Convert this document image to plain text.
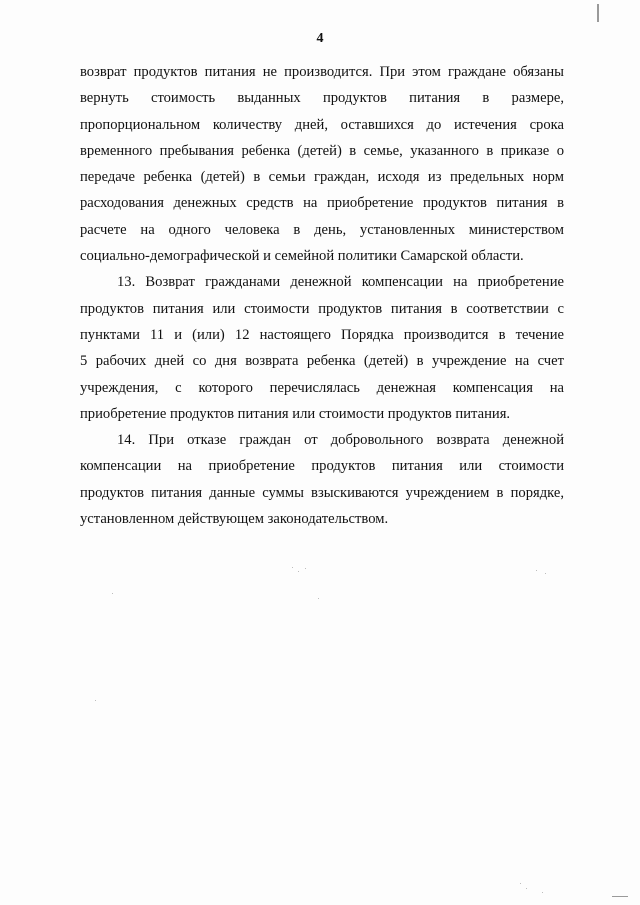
4
возврат продуктов питания не производится. При этом граждане обязаны
вернуть стоимость выданных продуктов питания в размере,
пропорциональном количеству дней, оставшихся до истечения срока
временного пребывания ребенка (детей) в семье, указанного в приказе о
передаче ребенка (детей) в семьи граждан, исходя из предельных норм
расходования денежных средств на приобретение продуктов питания в
расчете на одного человека в день, установленных министерством
социально-демографической и семейной политики Самарской области.
13. Возврат гражданами денежной компенсации на приобретение
продуктов питания или стоимости продуктов питания в соответствии с
пунктами 11 и (или) 12 настоящего Порядка производится в течение
5 рабочих дней со дня возврата ребенка (детей) в учреждение на счет
учреждения, с которого перечислялась денежная компенсация на
приобретение продуктов питания или стоимости продуктов питания.
14. При отказе граждан от добровольного возврата денежной
компенсации на приобретение продуктов питания или стоимости
продуктов питания данные суммы взыскиваются учреждением в порядке,
установленном действующем законодательством.
